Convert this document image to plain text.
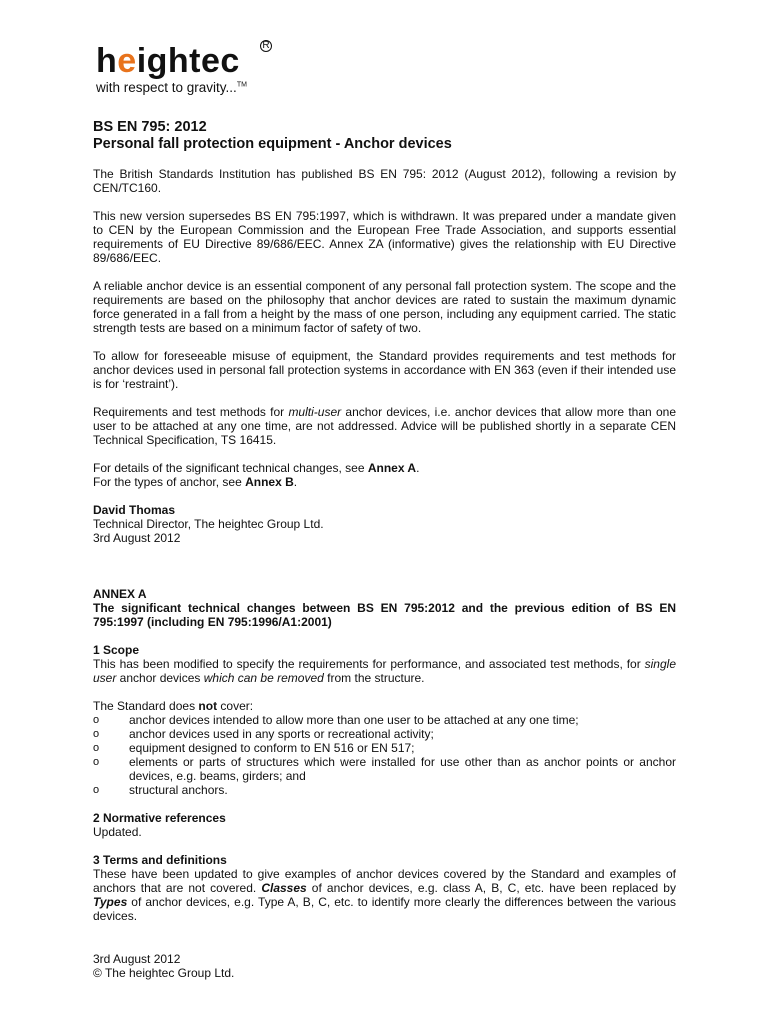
heightec R
with respect to gravity...™
BS EN 795: 2012
Personal fall protection equipment - Anchor devices

The British Standards Institution has published BS EN 795: 2012 (August 2012), following a revision by CEN/TC160.

This new version supersedes BS EN 795:1997, which is withdrawn. It was prepared under a mandate given to CEN by the European Commission and the European Free Trade Association, and supports essential requirements of EU Directive 89/686/EEC. Annex ZA (informative) gives the relationship with EU Directive 89/686/EEC.

A reliable anchor device is an essential component of any personal fall protection system. The scope and the requirements are based on the philosophy that anchor devices are rated to sustain the maximum dynamic force generated in a fall from a height by the mass of one person, including any equipment carried. The static strength tests are based on a minimum factor of safety of two.

To allow for foreseeable misuse of equipment, the Standard provides requirements and test methods for anchor devices used in personal fall protection systems in accordance with EN 363 (even if their intended use is for ‘restraint’).

Requirements and test methods for multi-user anchor devices, i.e. anchor devices that allow more than one user to be attached at any one time, are not addressed. Advice will be published shortly in a separate CEN Technical Specification, TS 16415.

For details of the significant technical changes, see Annex A.

For the types of anchor, see Annex B.

David Thomas
Technical Director, The heightec Group Ltd.
3rd August 2012
ANNEX A

The significant technical changes between BS EN 795:2012 and the previous edition of BS EN 795:1997 (including EN 795:1996/A1:2001)

1 Scope

This has been modified to specify the requirements for performance, and associated test methods, for single user anchor devices which can be removed from the structure.

The Standard does not cover:

o anchor devices intended to allow more than one user to be attached at any one time;
o anchor devices used in any sports or recreational activity;
o equipment designed to conform to EN 516 or EN 517;
o elements or parts of structures which were installed for use other than as anchor points or anchor devices, e.g. beams, girders; and
o structural anchors.
2 Normative references
Updated.
3 Terms and definitions

These have been updated to give examples of anchor devices covered by the Standard and examples of anchors that are not covered. Classes of anchor devices, e.g. class A, B, C, etc. have been replaced by Types of anchor devices, e.g. Type A, B, C, etc. to identify more clearly the differences between the various devices.

3rd August 2012
© The heightec Group Ltd.
